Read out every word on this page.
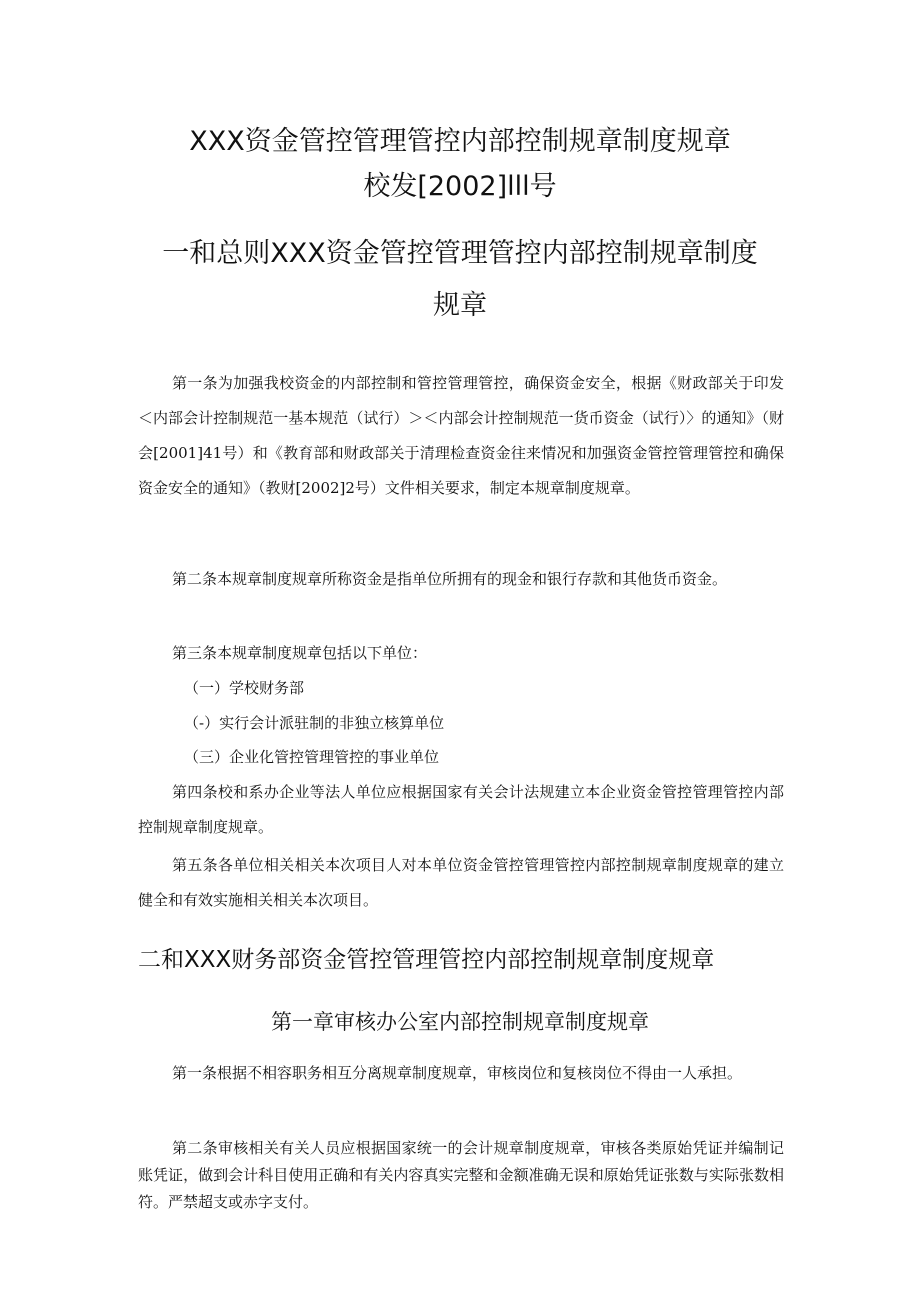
XXX资金管控管理管控内部控制规章制度规章
校发[2002]lll号
一和总则XXX资金管控管理管控内部控制规章制度规章

第一条为加强我校资金的内部控制和管控管理管控，确保资金安全，根据《财政部关于印发＜内部会计控制规范一基本规范（试行）＞＜内部会计控制规范一货币资金（试行）〉的通知》（财会[2001]41号）和《教育部和财政部关于清理检查资金往来情况和加强资金管控管理管控和确保资金安全的通知》（教财[2002]2号）文件相关要求，制定本规章制度规章。

第二条本规章制度规章所称资金是指单位所拥有的现金和银行存款和其他货币资金。

第三条本规章制度规章包括以下单位：

（一）学校财务部
（-）实行会计派驻制的非独立核算单位
（三）企业化管控管理管控的事业单位

第四条校和系办企业等法人单位应根据国家有关会计法规建立本企业资金管控管理管控内部控制规章制度规章。

第五条各单位相关相关本次项目人对本单位资金管控管理管控内部控制规章制度规章的建立健全和有效实施相关相关本次项目。

二和XXX财务部资金管控管理管控内部控制规章制度规章
第一章审核办公室内部控制规章制度规章

第一条根据不相容职务相互分离规章制度规章，审核岗位和复核岗位不得由一人承担。

第二条审核相关有关人员应根据国家统一的会计规章制度规章，审核各类原始凭证并编制记账凭证，做到会计科目使用正确和有关内容真实完整和金额准确无误和原始凭证张数与实际张数相符。严禁超支或赤字支付。
